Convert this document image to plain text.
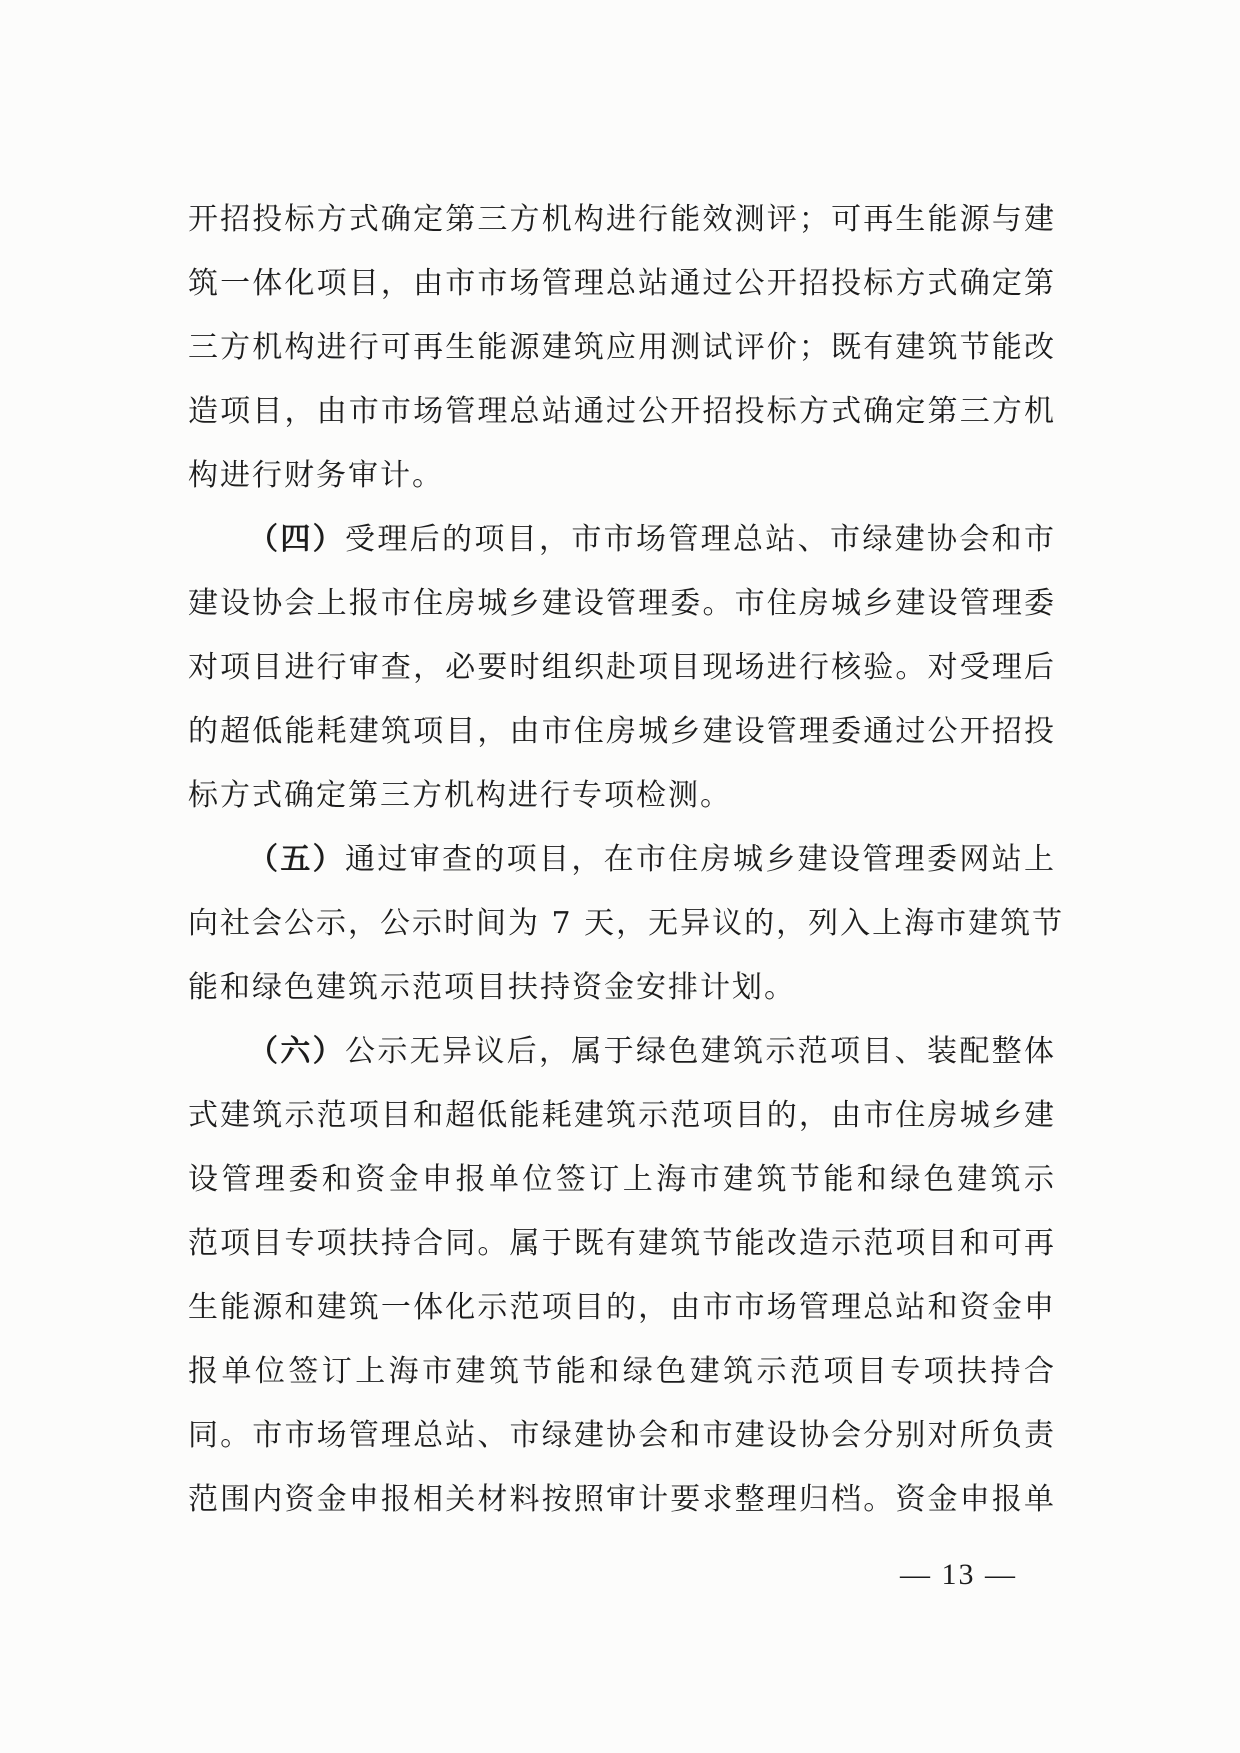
开招投标方式确定第三方机构进行能效测评；可再生能源与建
筑一体化项目，由市市场管理总站通过公开招投标方式确定第
三方机构进行可再生能源建筑应用测试评价；既有建筑节能改
造项目，由市市场管理总站通过公开招投标方式确定第三方机
构进行财务审计。
（四）受理后的项目，市市场管理总站、市绿建协会和市
建设协会上报市住房城乡建设管理委。市住房城乡建设管理委
对项目进行审查，必要时组织赴项目现场进行核验。对受理后
的超低能耗建筑项目，由市住房城乡建设管理委通过公开招投
标方式确定第三方机构进行专项检测。
（五）通过审查的项目，在市住房城乡建设管理委网站上
向社会公示，公示时间为 7 天，无异议的，列入上海市建筑节
能和绿色建筑示范项目扶持资金安排计划。
（六）公示无异议后，属于绿色建筑示范项目、装配整体
式建筑示范项目和超低能耗建筑示范项目的，由市住房城乡建
设管理委和资金申报单位签订上海市建筑节能和绿色建筑示
范项目专项扶持合同。属于既有建筑节能改造示范项目和可再
生能源和建筑一体化示范项目的，由市市场管理总站和资金申
报单位签订上海市建筑节能和绿色建筑示范项目专项扶持合
同。市市场管理总站、市绿建协会和市建设协会分别对所负责
范围内资金申报相关材料按照审计要求整理归档。资金申报单
— 13 —
